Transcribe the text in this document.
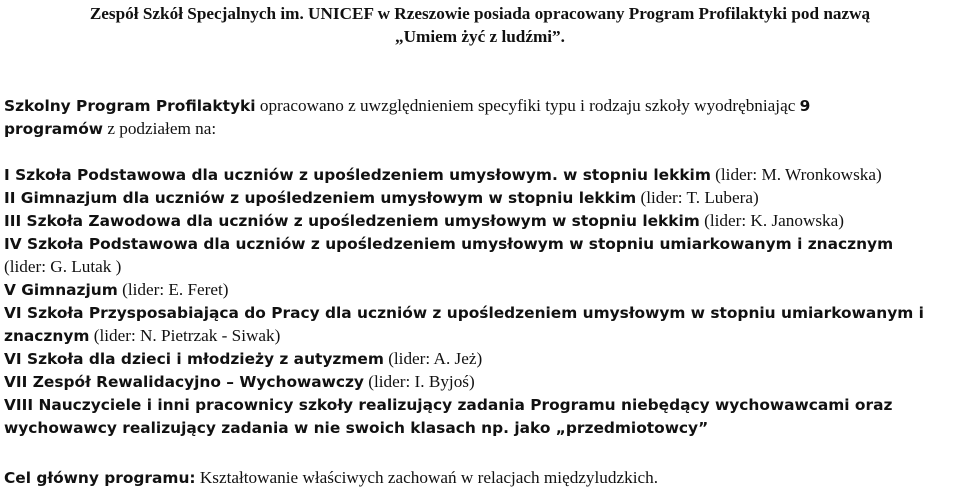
Zespół Szkół Specjalnych im. UNICEF w Rzeszowie posiada opracowany Program Profilaktyki pod nazwą
„Umiem żyć z ludźmi”.
Szkolny Program Profilaktyki opracowano z uwzględnieniem specyfiki typu i rodzaju szkoły wyodrębniając 9
programów z podziałem na:
I Szkoła Podstawowa dla uczniów z upośledzeniem umysłowym. w stopniu lekkim (lider: M. Wronkowska)
II Gimnazjum dla uczniów z upośledzeniem umysłowym w stopniu lekkim (lider: T. Lubera)
III Szkoła Zawodowa dla uczniów z upośledzeniem umysłowym w stopniu lekkim (lider: K. Janowska)
IV Szkoła Podstawowa dla uczniów z upośledzeniem umysłowym w stopniu umiarkowanym i znacznym
(lider: G. Lutak )
V Gimnazjum (lider: E. Feret)
VI Szkoła Przysposabiająca do Pracy dla uczniów z upośledzeniem umysłowym w stopniu umiarkowanym i
znacznym (lider: N. Pietrzak - Siwak)
VI Szkoła dla dzieci i młodzieży z autyzmem (lider: A. Jeż)
VII Zespół Rewalidacyjno – Wychowawczy (lider: I. Byjoś)
VIII Nauczyciele i inni pracownicy szkoły realizujący zadania Programu niebędący wychowawcami oraz
wychowawcy realizujący zadania w nie swoich klasach np. jako „przedmiotowcy”
Cel główny programu: Kształtowanie właściwych zachowań w relacjach międzyludzkich.
